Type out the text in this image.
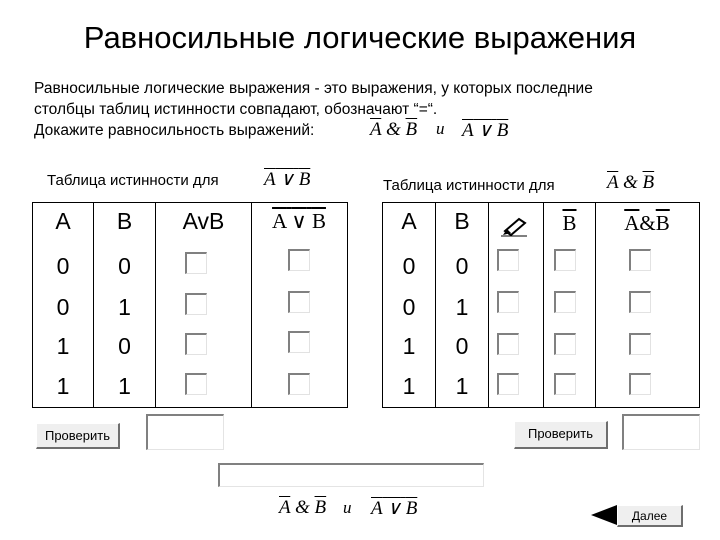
Равносильные логические выражения
Равносильные логические выражения - это выражения, у которых последние
столбцы таблиц истинности совпадают, обозначают “=“.
Докажите равносильность выражений:	$\overline{A}$ & $\overline{B}$ и A ∨ B
Таблица истинности для A ∨ B	Таблица истинности для	$\overline{A}$ & $\overline{B}$
A	B	AvB	A ∨ B
0	0
0	1
1	0
1	1
A	B	$\overline{B}$	$\overline{A}\&\overline{B}$
0	0
0	1
1	0
1	1
Проверить	Проверить
$\overline{A}$ & $\overline{B}$ и A ∨ B	Далее
